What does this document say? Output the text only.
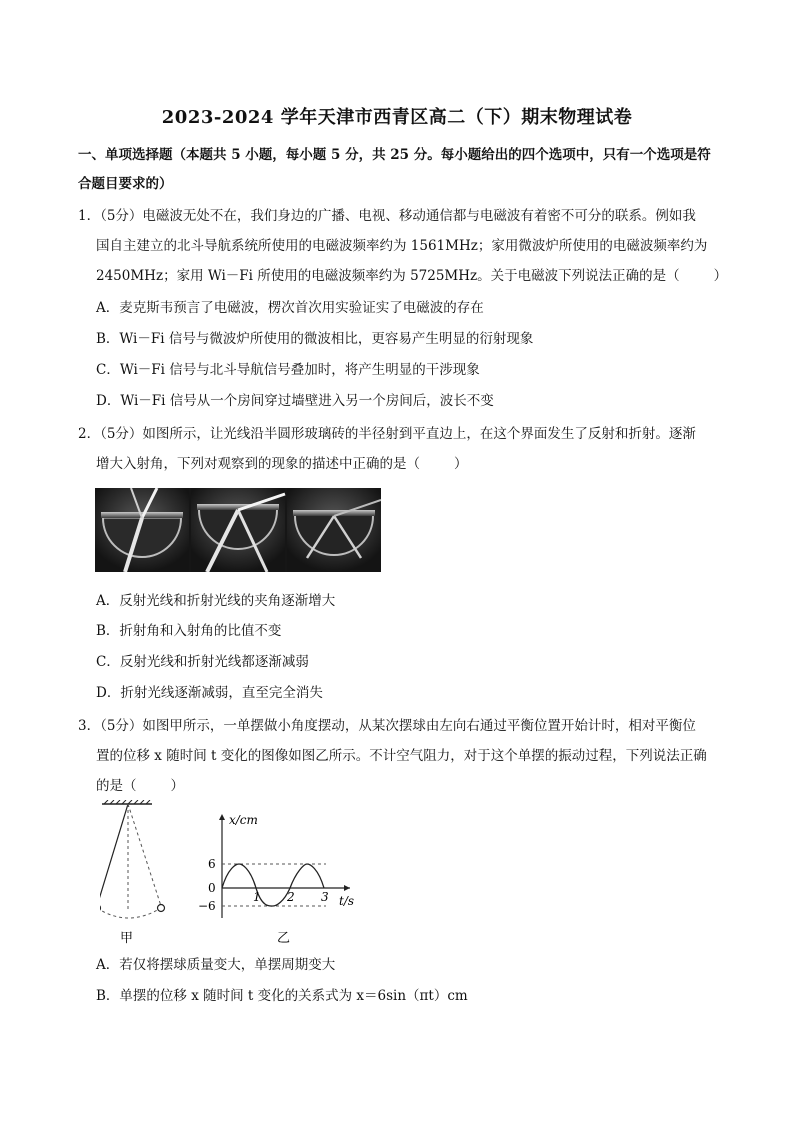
2023-2024 学年天津市西青区高二（下）期末物理试卷
一、单项选择题（本题共 5 小题，每小题 5 分，共 25 分。每小题给出的四个选项中，只有一个选项是符
合题目要求的）
1．（5分）电磁波无处不在，我们身边的广播、电视、移动通信都与电磁波有着密不可分的联系。例如我
国自主建立的北斗导航系统所使用的电磁波频率约为 1561MHz；家用微波炉所使用的电磁波频率约为
2450MHz；家用 Wi－Fi 所使用的电磁波频率约为 5725MHz。关于电磁波下列说法正确的是（	）
A．麦克斯韦预言了电磁波，楞次首次用实验证实了电磁波的存在
B．Wi－Fi 信号与微波炉所使用的微波相比，更容易产生明显的衍射现象
C．Wi－Fi 信号与北斗导航信号叠加时，将产生明显的干涉现象
D．Wi－Fi 信号从一个房间穿过墙壁进入另一个房间后，波长不变
2．（5分）如图所示，让光线沿半圆形玻璃砖的半径射到平直边上，在这个界面发生了反射和折射。逐渐
增大入射角，下列对观察到的现象的描述中正确的是（	）
A．反射光线和折射光线的夹角逐渐增大
B．折射角和入射角的比值不变
C．反射光线和折射光线都逐渐减弱
D．折射光线逐渐减弱，直至完全消失
3．（5分）如图甲所示，一单摆做小角度摆动，从某次摆球由左向右通过平衡位置开始计时，相对平衡位
置的位移 x 随时间 t 变化的图像如图乙所示。不计空气阻力，对于这个单摆的振动过程，下列说法正确
的是（	）
甲
x/cm
t/s
6
0
−6
1 2 3
乙
A．若仅将摆球质量变大，单摆周期变大
B．单摆的位移 x 随时间 t 变化的关系式为 x＝6sin（πt）cm
